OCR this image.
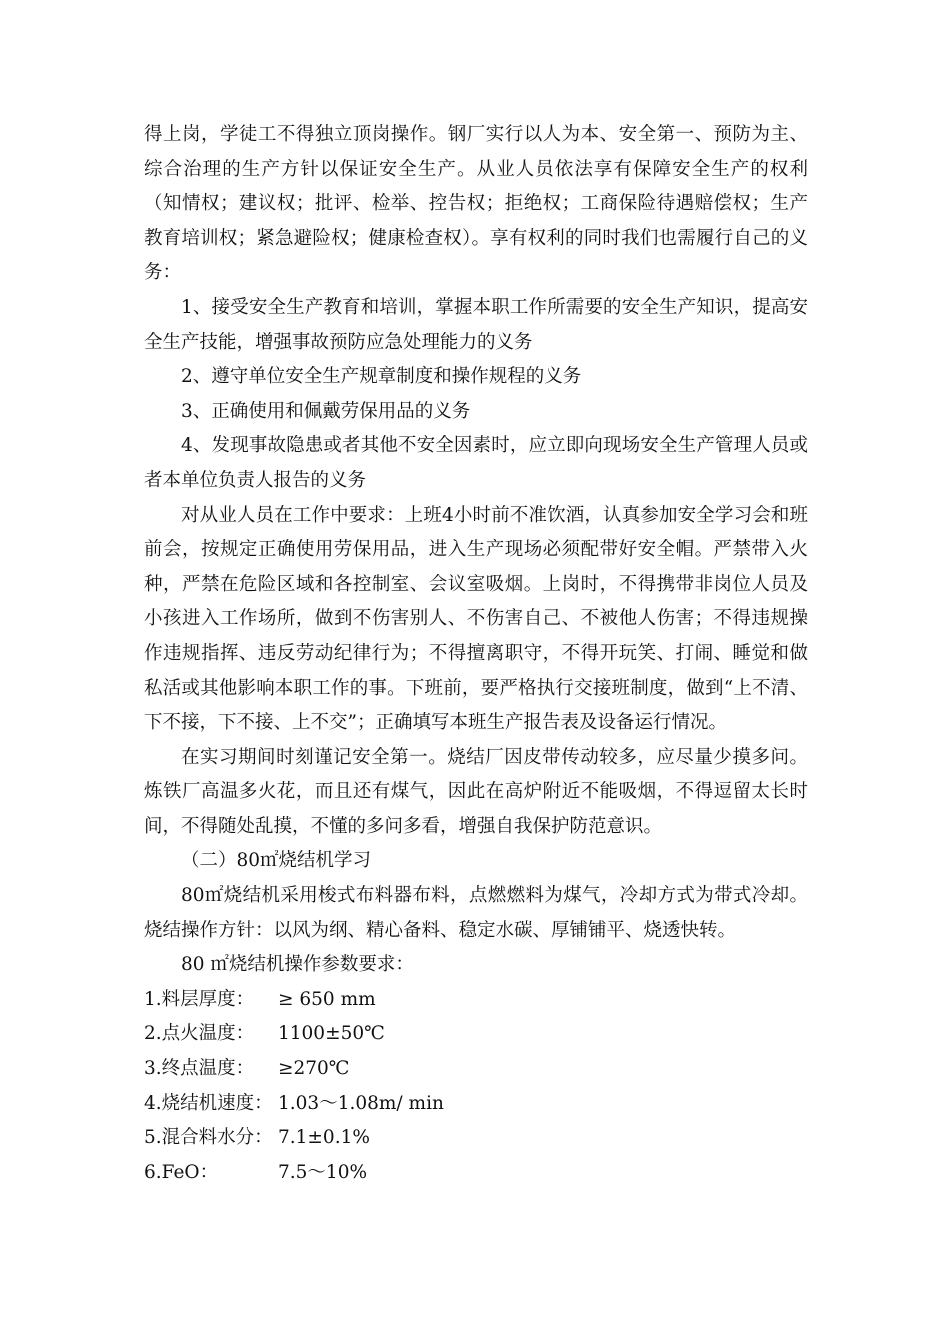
得上岗，学徒工不得独立顶岗操作。钢厂实行以人为本、安全第一、预防为主、综合治理的生产方针以保证安全生产。从业人员依法享有保障安全生产的权利（知情权；建议权；批评、检举、控告权；拒绝权；工商保险待遇赔偿权；生产教育培训权；紧急避险权；健康检查权）。享有权利的同时我们也需履行自己的义务：

1、接受安全生产教育和培训，掌握本职工作所需要的安全生产知识，提高安全生产技能，增强事故预防应急处理能力的义务

2、遵守单位安全生产规章制度和操作规程的义务

3、正确使用和佩戴劳保用品的义务

4、发现事故隐患或者其他不安全因素时，应立即向现场安全生产管理人员或者本单位负责人报告的义务

对从业人员在工作中要求：上班4小时前不准饮酒，认真参加安全学习会和班前会，按规定正确使用劳保用品，进入生产现场必须配带好安全帽。严禁带入火种，严禁在危险区域和各控制室、会议室吸烟。上岗时，不得携带非岗位人员及小孩进入工作场所，做到不伤害别人、不伤害自己、不被他人伤害；不得违规操作违规指挥、违反劳动纪律行为；不得擅离职守，不得开玩笑、打闹、睡觉和做私活或其他影响本职工作的事。下班前，要严格执行交接班制度，做到“上不清、下不接，下不接、上不交”；正确填写本班生产报告表及设备运行情况。

在实习期间时刻谨记安全第一。烧结厂因皮带传动较多，应尽量少摸多问。炼铁厂高温多火花，而且还有煤气，因此在高炉附近不能吸烟，不得逗留太长时间，不得随处乱摸，不懂的多问多看，增强自我保护防范意识。

（二）80㎡烧结机学习

80㎡烧结机采用梭式布料器布料，点燃燃料为煤气，冷却方式为带式冷却。烧结操作方针：以风为纲、精心备料、稳定水碳、厚铺铺平、烧透快转。

80 ㎡烧结机操作参数要求：

1.料层厚度：	≥ 650 mm
2.点火温度：	1100±50℃
3.终点温度：	≥270℃
4.烧结机速度： 1.03～1.08m/ min
5.混合料水分： 7.1±0.1%
6.FeO：	7.5～10%
